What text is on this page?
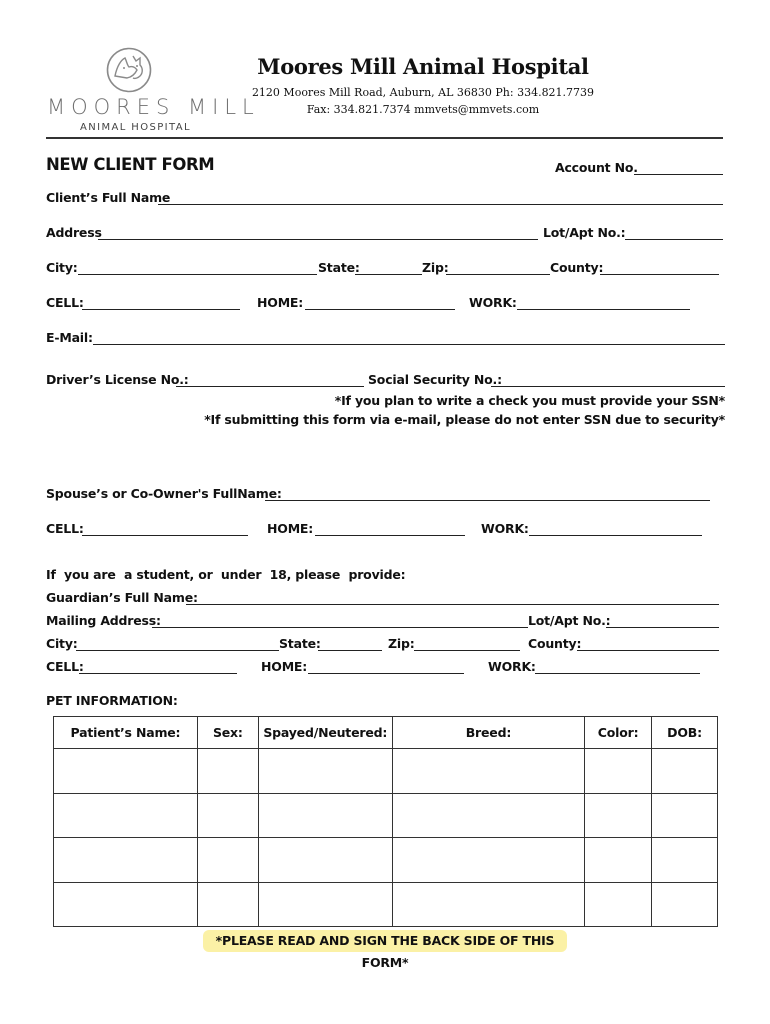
MOORES MILL
ANIMAL HOSPITAL
Moores Mill Animal Hospital
2120 Moores Mill Road, Auburn, AL 36830 Ph: 334.821.7739
Fax: 334.821.7374 mmvets@mmvets.com
NEW CLIENT FORM	Account No.
Client’s Full Name
Address	Lot/Apt No.:
City:	State:	Zip:	County:
CELL:	HOME:	WORK:
E-Mail:
Driver’s License No.:	Social Security No.:
*If you plan to write a check you must provide your SSN*
*If submitting this form via e-mail, please do not enter SSN due to security*
Spouse’s or Co-Owner's FullName:
CELL:	HOME:	WORK:
If  you are  a student, or  under  18, please  provide:
Guardian’s Full Name:
Mailing Address:	Lot/Apt No.:
City:	State:	Zip:	County:
CELL:	HOME:	WORK:
PET INFORMATION:
Patient’s Name:	Sex:	Spayed/Neutered:	Breed:	Color:	DOB:

*PLEASE READ AND SIGN THE BACK SIDE OF THIS FORM*
